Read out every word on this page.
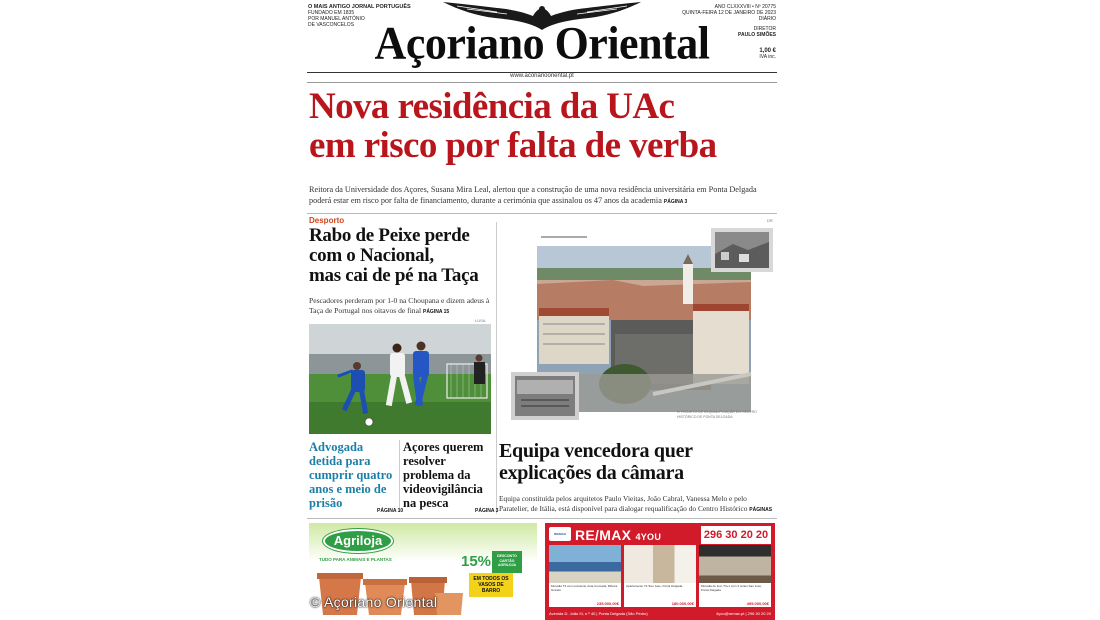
O MAIS ANTIGO JORNAL PORTUGUÊS
FUNDADO EM 1835
POR MANUEL ANTÓNIO
DE VASCONCELOS Açoriano Oriental
ANO CLXXXVIII • Nº 20775
QUINTA-FEIRA 12 DE JANEIRO DE 2023
DIÁRIO
DIRETOR
PAULO SIMÕES
1,00 €
IVA inc.
www.acorianooriental.pt
Nova residência da UAc
em risco por falta de verba
Reitora da Universidade dos Açores, Susana Mira Leal, alertou que a construção de uma nova residência universitária em Ponta Delgada poderá estar em risco por falta de financiamento, durante a cerimónia que assinalou os 47 anos da academia PÁGINA 3
Desporto
Rabo de Peixe perde
com o Nacional,
mas cai de pé na Taça
Pescadores perderam por 1-0 na Choupana e dizem adeus à Taça de Portugal nos oitavos de final PÁGINA 15
LUSA
Advogada detida para cumprir quatro anos e meio de prisão
Açores querem resolver problema da videovigilância na pesca
PÁGINA 10	PÁGINA 3
DR
O PROJETO DE REQUALIFICAÇÃO DO CENTRO HISTÓRICO DE PONTA DELGADA
Equipa vencedora quer
explicações da câmara
Equipa constituída pelos arquitetos Paulo Vieitas, João Cabral, Vanessa Melo e pelo Paratelier, de Itália, está disponível para dialogar requalificação do Centro Histórico PÁGINAS
Agriloja
TUDO PARA ANIMAIS E PLANTAS	15%	DESCONTO CARTÃO AGRILOJA
EM TODOS OS VASOS DE BARRO
RE/MAX RE/MAX 4YOU	296 30 20 20
Moradia T3 com excelente vista Covoada, Ribeira Grande
235.000,00€
Apartamento T2 Sao Jose, Ponta Delgada
180.000,00€
Moradia de luxo T3+1 com 3 suites Sao Jose, Ponta Delgada
495.000,00€
Avenida D. João III, n.º 40 | Ponta Delgada (São Pedro)	4you@remax.pt | 296 30 20 20
© Açoriano Oriental
